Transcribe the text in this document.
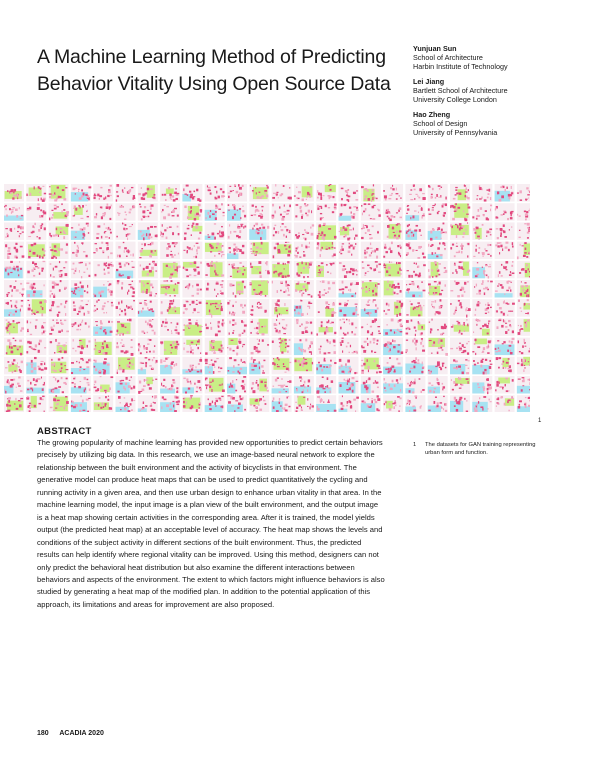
A Machine Learning Method of Predicting Behavior Vitality Using Open Source Data
Yunjuan Sun
School of Architecture
Harbin Institute of Technology
Lei Jiang
Bartlett School of Architecture
University College London
Hao Zheng
School of Design
University of Pennsylvania
1
ABSTRACT

The growing popularity of machine learning has provided new opportunities to predict certain behaviors precisely by utilizing big data. In this research, we use an image-based neural network to explore the relationship between the built environment and the activity of bicyclists in that environment. The generative model can produce heat maps that can be used to predict quantitatively the cycling and running activity in a given area, and then use urban design to enhance urban vitality in that area. In the machine learning model, the input image is a plan view of the built environment, and the output image is a heat map showing certain activities in the corresponding area. After it is trained, the model yields output (the predicted heat map) at an acceptable level of accuracy. The heat map shows the levels and conditions of the subject activity in different sections of the built environment. Thus, the predicted results can help identify where regional vitality can be improved. Using this method, designers can not only predict the behavioral heat distribution but also examine the different interactions between behaviors and aspects of the environment. The extent to which factors might influence behaviors is also studied by generating a heat map of the modified plan. In addition to the potential application of this approach, its limitations and areas for improvement are also proposed.

1 The datasets for GAN training representing urban form and function.
180 ACADIA 2020
